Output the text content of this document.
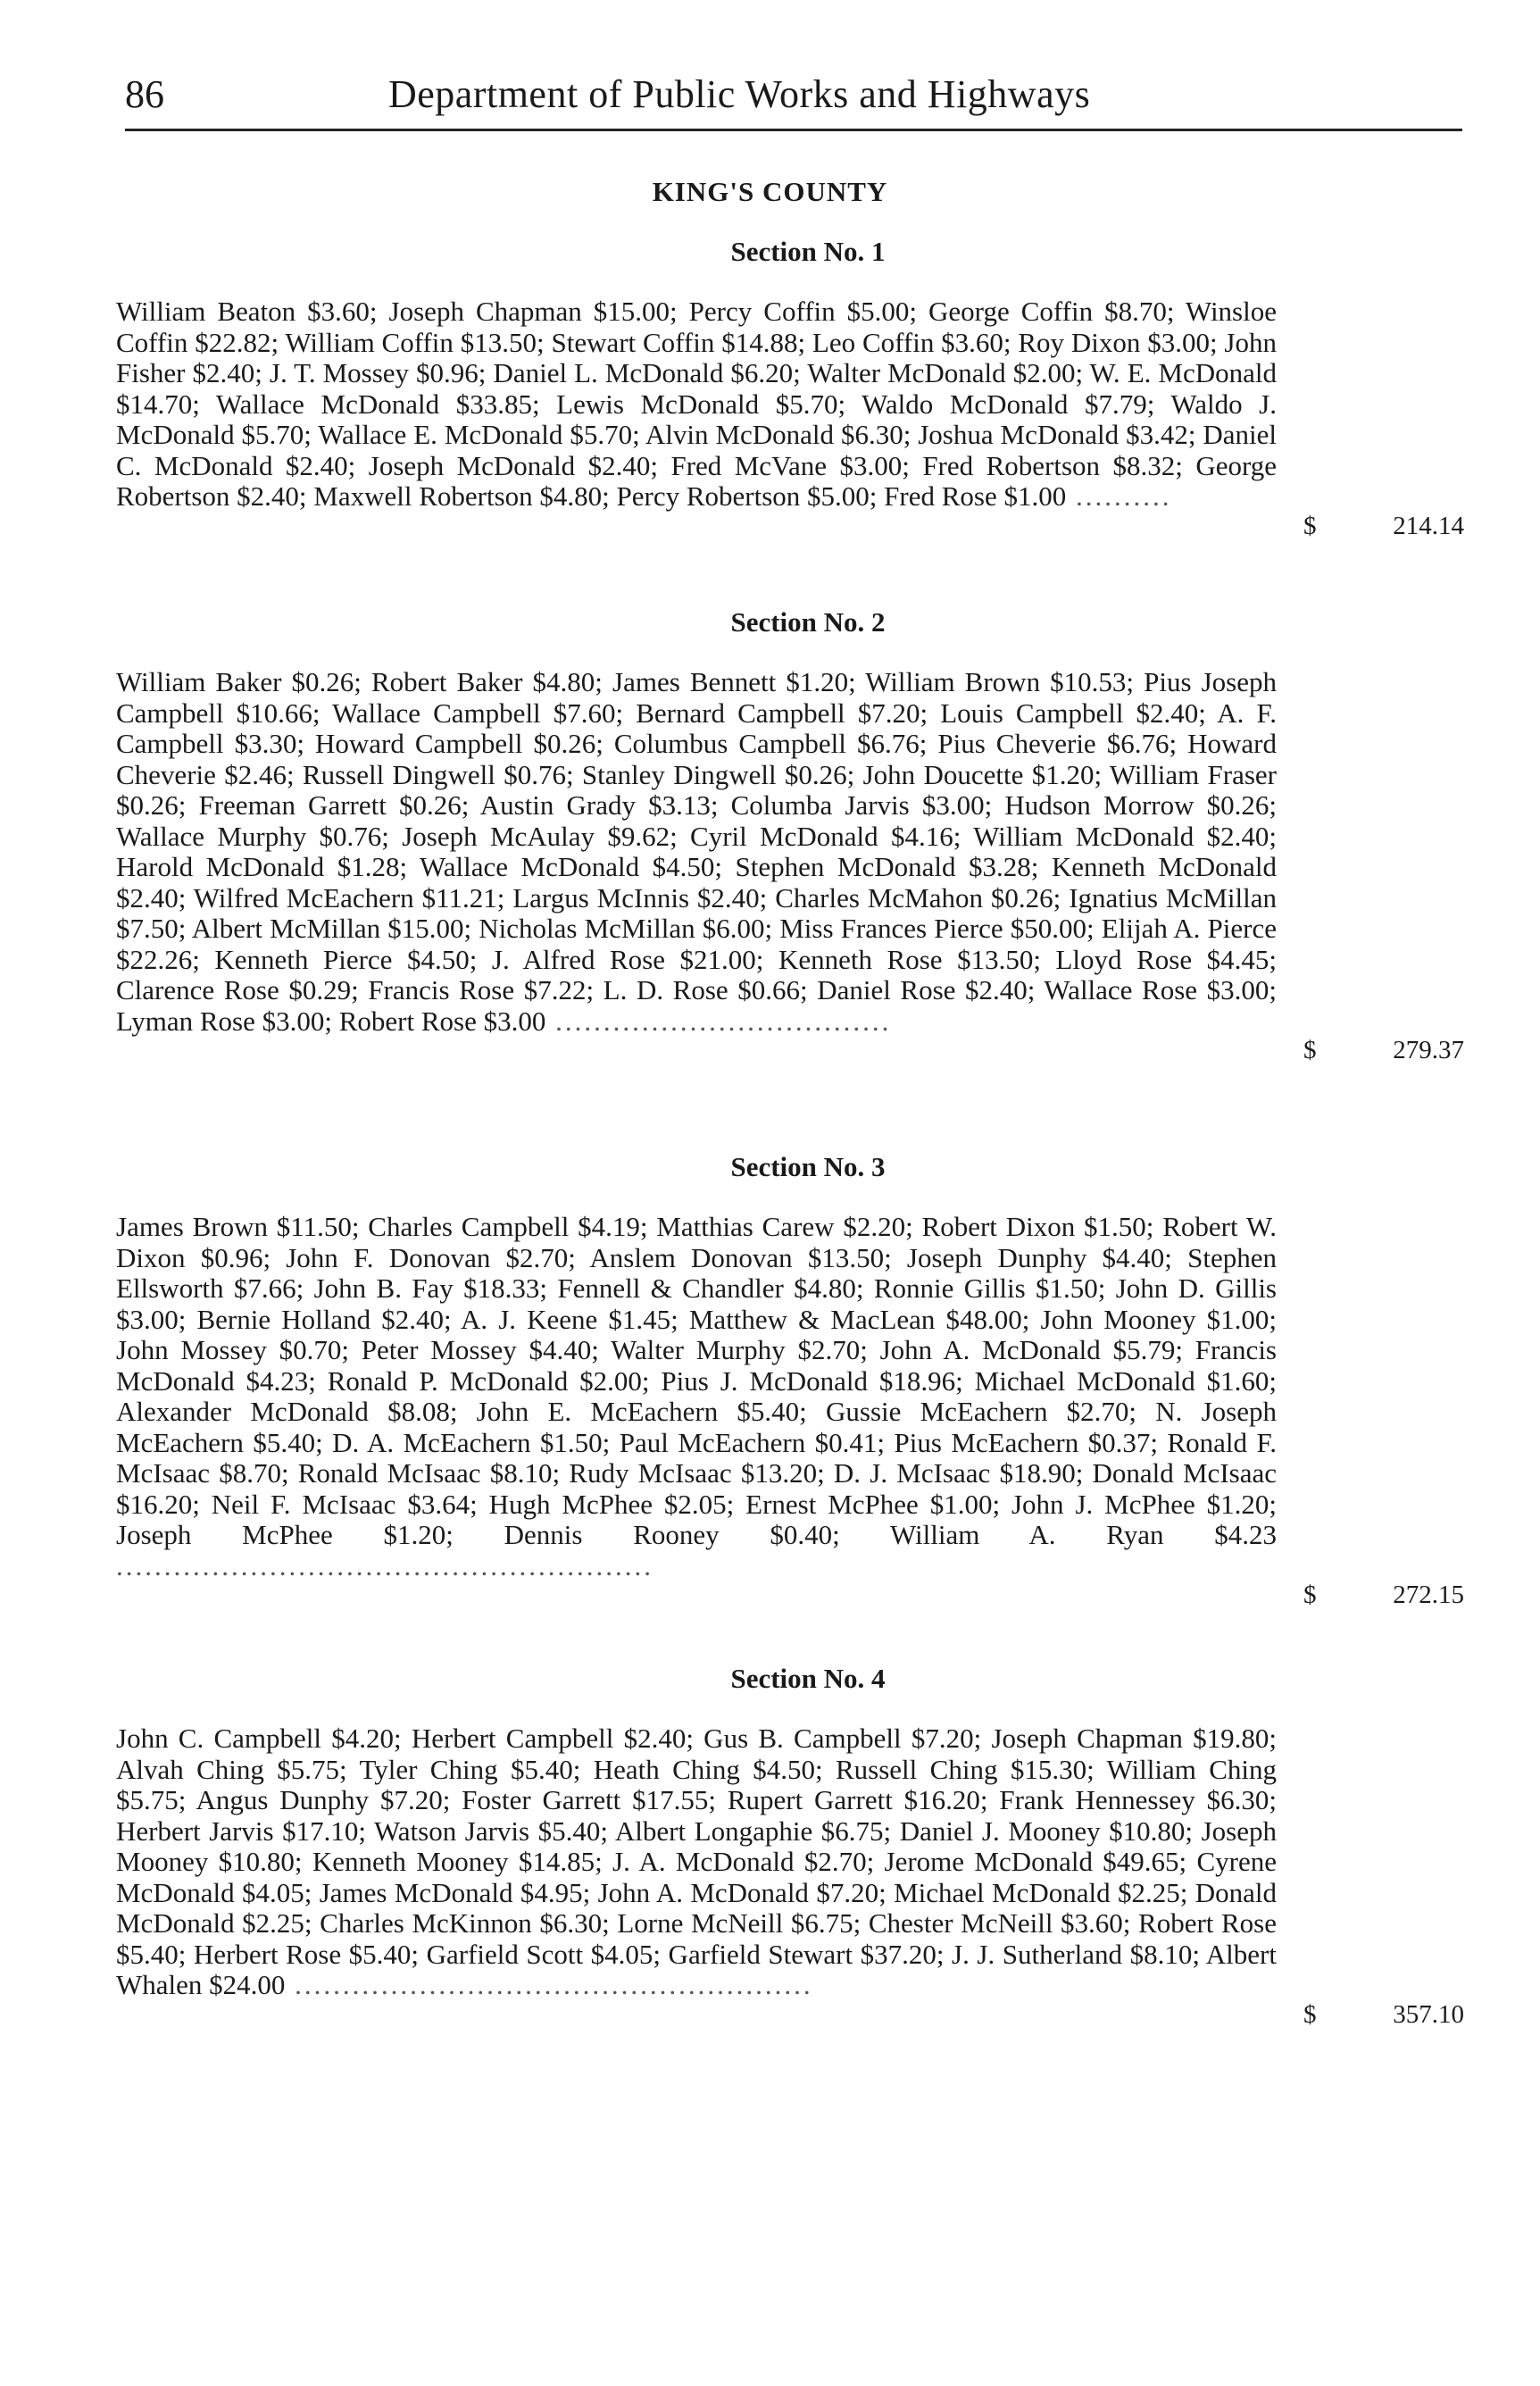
86	Department of Public Works and Highways
KING'S COUNTY
Section No. 1
William Beaton $3.60; Joseph Chapman $15.00; Percy Coffin $5.00; George Coffin $8.70; Winsloe Coffin $22.82; William Coffin $13.50; Stewart Coffin $14.88; Leo Coffin $3.60; Roy Dixon $3.00; John Fisher $2.40; J. T. Mossey $0.96; Daniel L. McDonald $6.20; Walter McDonald $2.00; W. E. McDonald $14.70; Wallace McDonald $33.85; Lewis McDonald $5.70; Waldo McDonald $7.79; Waldo J. McDonald $5.70; Wallace E. McDonald $5.70; Alvin McDonald $6.30; Joshua McDonald $3.42; Daniel C. McDonald $2.40; Joseph McDonald $2.40; Fred McVane $3.00; Fred Robertson $8.32; George Robertson $2.40; Maxwell Robertson $4.80; Percy Robertson $5.00; Fred Rose $1.00 ..........
$	214.14
Section No. 2
William Baker $0.26; Robert Baker $4.80; James Bennett $1.20; William Brown $10.53; Pius Joseph Campbell $10.66; Wallace Campbell $7.60; Bernard Campbell $7.20; Louis Campbell $2.40; A. F. Campbell $3.30; Howard Campbell $0.26; Columbus Campbell $6.76; Pius Cheverie $6.76; Howard Cheverie $2.46; Russell Dingwell $0.76; Stanley Dingwell $0.26; John Doucette $1.20; William Fraser $0.26; Freeman Garrett $0.26; Austin Grady $3.13; Columba Jarvis $3.00; Hudson Morrow $0.26; Wallace Murphy $0.76; Joseph McAulay $9.62; Cyril McDonald $4.16; William McDonald $2.40; Harold McDonald $1.28; Wallace McDonald $4.50; Stephen McDonald $3.28; Kenneth McDonald $2.40; Wilfred McEachern $11.21; Largus McInnis $2.40; Charles McMahon $0.26; Ignatius McMillan $7.50; Albert McMillan $15.00; Nicholas McMillan $6.00; Miss Frances Pierce $50.00; Elijah A. Pierce $22.26; Kenneth Pierce $4.50; J. Alfred Rose $21.00; Kenneth Rose $13.50; Lloyd Rose $4.45; Clarence Rose $0.29; Francis Rose $7.22; L. D. Rose $0.66; Daniel Rose $2.40; Wallace Rose $3.00; Lyman Rose $3.00; Robert Rose $3.00 ...................................
$	279.37
Section No. 3
James Brown $11.50; Charles Campbell $4.19; Matthias Carew $2.20; Robert Dixon $1.50; Robert W. Dixon $0.96; John F. Donovan $2.70; Anslem Donovan $13.50; Joseph Dunphy $4.40; Stephen Ellsworth $7.66; John B. Fay $18.33; Fennell & Chandler $4.80; Ronnie Gillis $1.50; John D. Gillis $3.00; Bernie Holland $2.40; A. J. Keene $1.45; Matthew & MacLean $48.00; John Mooney $1.00; John Mossey $0.70; Peter Mossey $4.40; Walter Murphy $2.70; John A. McDonald $5.79; Francis McDonald $4.23; Ronald P. McDonald $2.00; Pius J. McDonald $18.96; Michael McDonald $1.60; Alexander McDonald $8.08; John E. McEachern $5.40; Gussie McEachern $2.70; N. Joseph McEachern $5.40; D. A. McEachern $1.50; Paul McEachern $0.41; Pius McEachern $0.37; Ronald F. McIsaac $8.70; Ronald McIsaac $8.10; Rudy McIsaac $13.20; D. J. McIsaac $18.90; Donald McIsaac $16.20; Neil F. McIsaac $3.64; Hugh McPhee $2.05; Ernest McPhee $1.00; John J. McPhee $1.20; Joseph McPhee $1.20; Dennis Rooney $0.40; William A. Ryan $4.23 ........................................................
$	272.15
Section No. 4
John C. Campbell $4.20; Herbert Campbell $2.40; Gus B. Campbell $7.20; Joseph Chapman $19.80; Alvah Ching $5.75; Tyler Ching $5.40; Heath Ching $4.50; Russell Ching $15.30; William Ching $5.75; Angus Dunphy $7.20; Foster Garrett $17.55; Rupert Garrett $16.20; Frank Hennessey $6.30; Herbert Jarvis $17.10; Watson Jarvis $5.40; Albert Longaphie $6.75; Daniel J. Mooney $10.80; Joseph Mooney $10.80; Kenneth Mooney $14.85; J. A. McDonald $2.70; Jerome McDonald $49.65; Cyrene McDonald $4.05; James McDonald $4.95; John A. McDonald $7.20; Michael McDonald $2.25; Donald McDonald $2.25; Charles McKinnon $6.30; Lorne McNeill $6.75; Chester McNeill $3.60; Robert Rose $5.40; Herbert Rose $5.40; Garfield Scott $4.05; Garfield Stewart $37.20; J. J. Sutherland $8.10; Albert Whalen $24.00 ......................................................
$	357.10
